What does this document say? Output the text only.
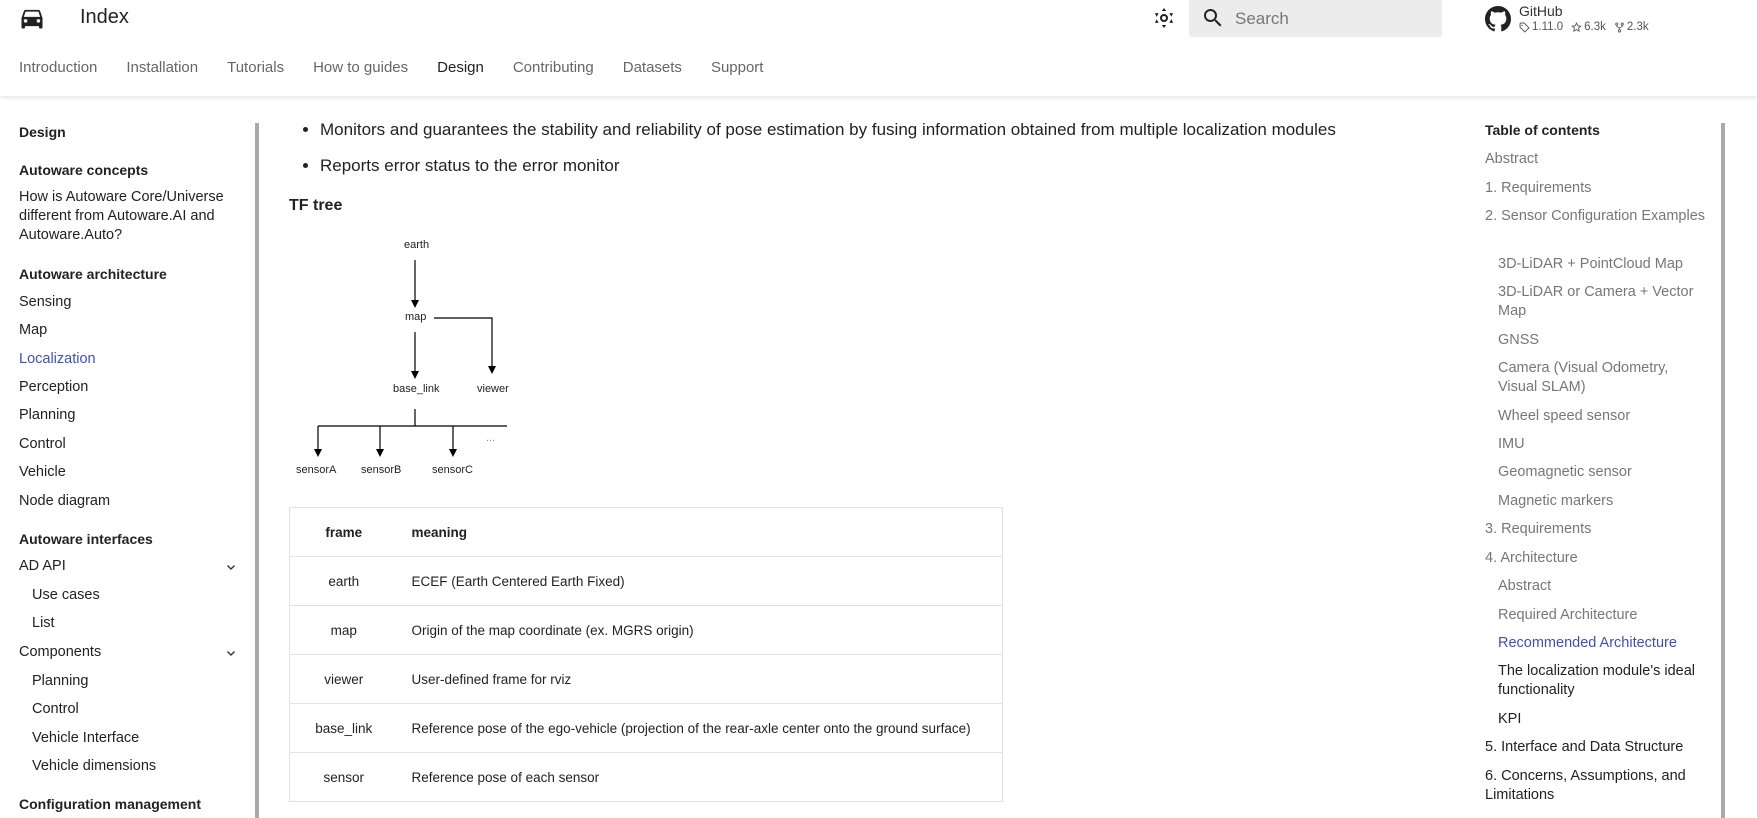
Index
Search	GitHub
1.11.0 6.3k 2.3k
Introduction Installation Tutorials How to guides Design Contributing Datasets Support
Design
Autoware concepts
How is Autoware Core/Universe different from Autoware.AI and Autoware.Auto?
Autoware architecture
Sensing
Map
Localization
Perception
Planning
Control
Vehicle
Node diagram
Autoware interfaces
AD API
Use cases
List
Components
Planning
Control
Vehicle Interface
Vehicle dimensions
Configuration management
• Monitors and guarantees the stability and reliability of pose estimation by fusing information obtained from multiple localization modules
• Reports error status to the error monitor
TF tree
earth
map
base_link	viewer
sensorA sensorB	sensorC
...
frame	meaning
earth	ECEF (Earth Centered Earth Fixed)
map	Origin of the map coordinate (ex. MGRS origin)
viewer	User-defined frame for rviz
base_link	Reference pose of the ego-vehicle (projection of the rear-axle center onto the ground surface)
sensor	Reference pose of each sensor
Table of contents
Abstract
1. Requirements
2. Sensor Configuration Examples
3D-LiDAR + PointCloud Map
3D-LiDAR or Camera + Vector Map
GNSS
Camera (Visual Odometry, Visual SLAM)
Wheel speed sensor
IMU
Geomagnetic sensor
Magnetic markers
3. Requirements
4. Architecture
Abstract
Required Architecture
Recommended Architecture
The localization module's ideal functionality
KPI
5. Interface and Data Structure
6. Concerns, Assumptions, and Limitations
